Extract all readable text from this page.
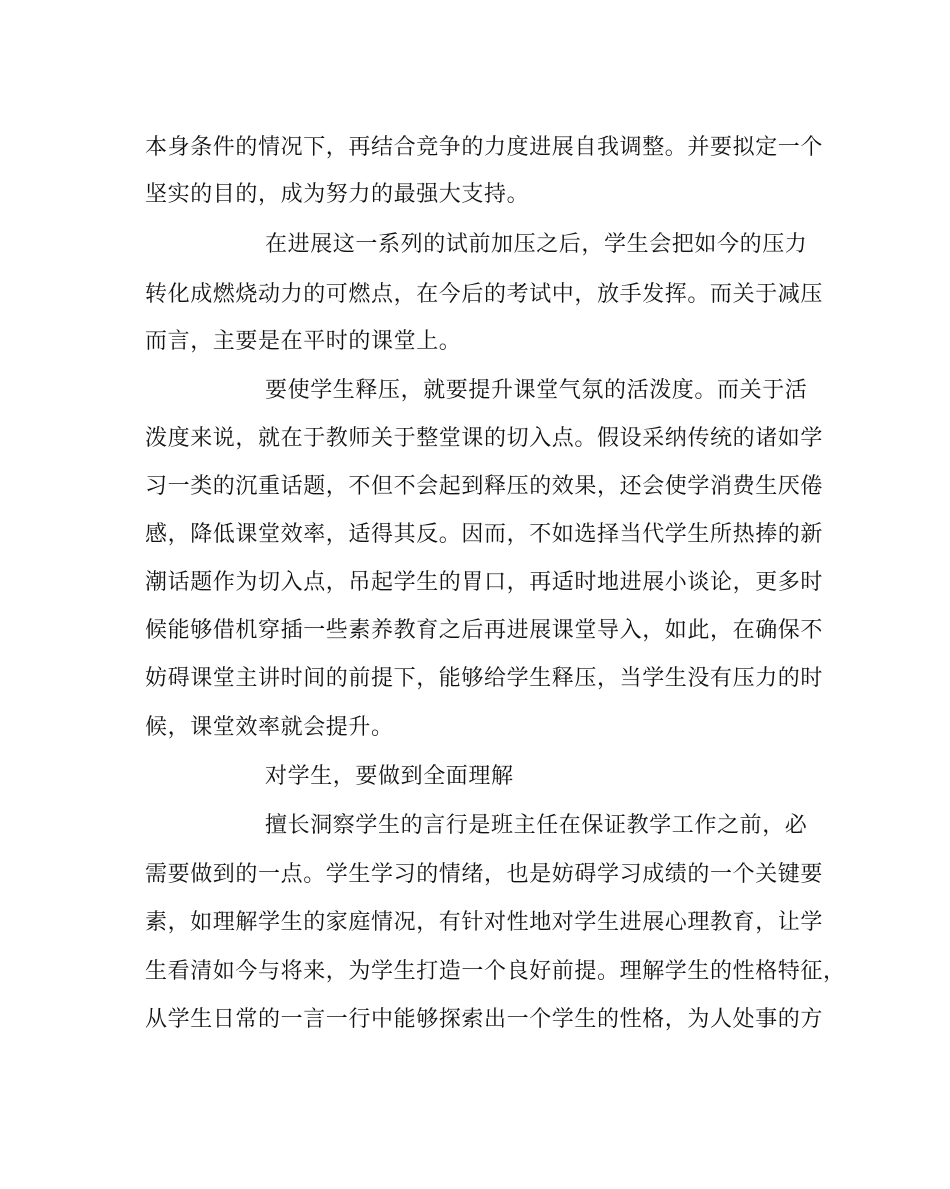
本身条件的情况下，再结合竞争的力度进展自我调整。并要拟定一个
坚实的目的，成为努力的最强大支持。
在进展这一系列的试前加压之后，学生会把如今的压力
转化成燃烧动力的可燃点，在今后的考试中，放手发挥。而关于减压
而言，主要是在平时的课堂上。
要使学生释压，就要提升课堂气氛的活泼度。而关于活
泼度来说，就在于教师关于整堂课的切入点。假设采纳传统的诸如学
习一类的沉重话题，不但不会起到释压的效果，还会使学消费生厌倦
感，降低课堂效率，适得其反。因而，不如选择当代学生所热捧的新
潮话题作为切入点，吊起学生的胃口，再适时地进展小谈论，更多时
候能够借机穿插一些素养教育之后再进展课堂导入，如此，在确保不
妨碍课堂主讲时间的前提下，能够给学生释压，当学生没有压力的时
候，课堂效率就会提升。
对学生，要做到全面理解
擅长洞察学生的言行是班主任在保证教学工作之前，必
需要做到的一点。学生学习的情绪，也是妨碍学习成绩的一个关键要
素，如理解学生的家庭情况，有针对性地对学生进展心理教育，让学
生看清如今与将来，为学生打造一个良好前提。理解学生的性格特征，
从学生日常的一言一行中能够探索出一个学生的性格，为人处事的方
